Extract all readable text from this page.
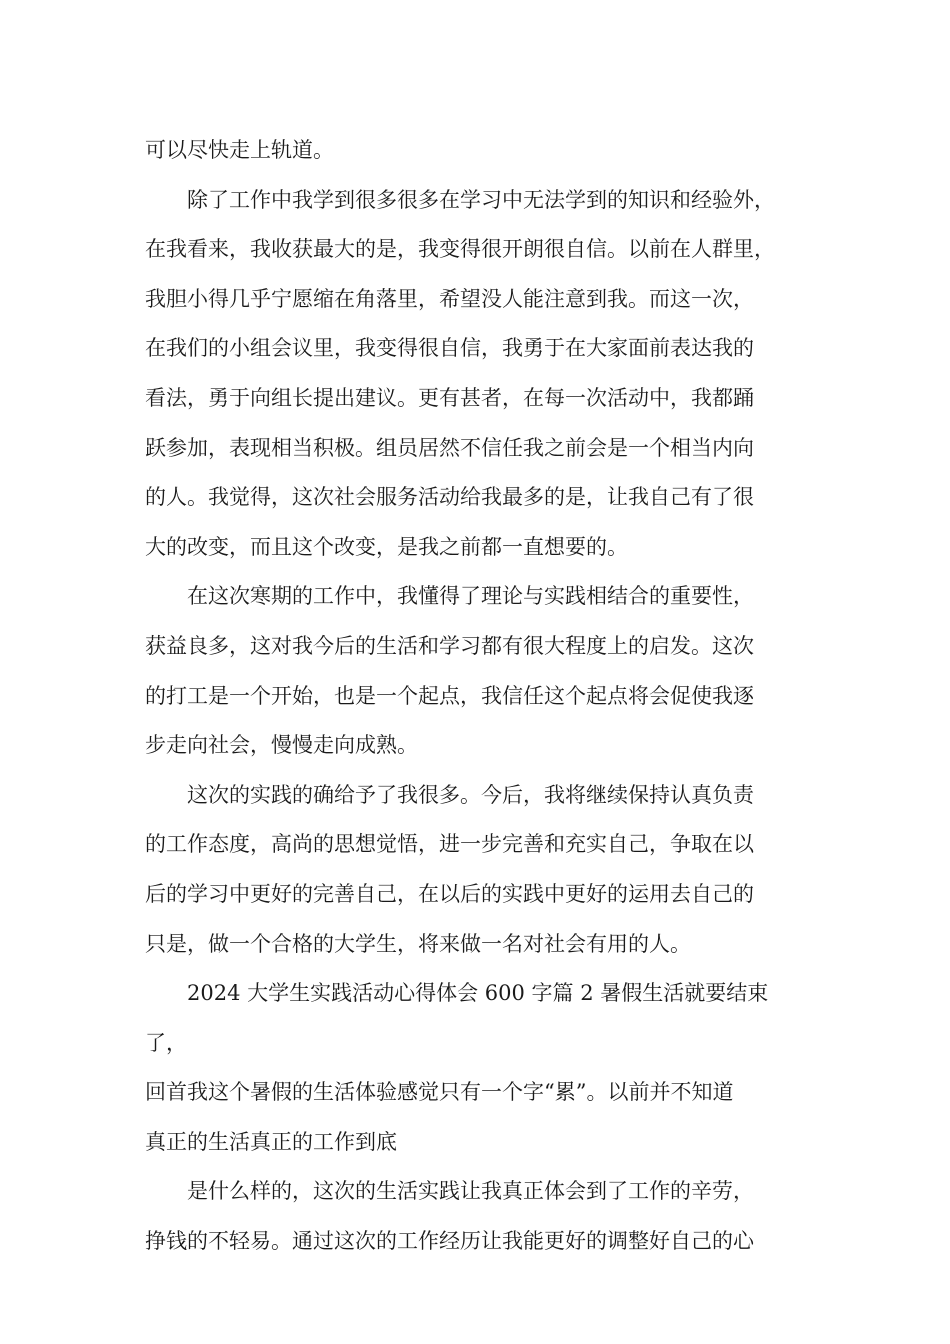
可以尽快走上轨道。

除了工作中我学到很多很多在学习中无法学到的知识和经验外，
在我看来，我收获最大的是，我变得很开朗很自信。以前在人群里，
我胆小得几乎宁愿缩在角落里，希望没人能注意到我。而这一次，
在我们的小组会议里，我变得很自信，我勇于在大家面前表达我的
看法，勇于向组长提出建议。更有甚者，在每一次活动中，我都踊
跃参加，表现相当积极。组员居然不信任我之前会是一个相当内向
的人。我觉得，这次社会服务活动给我最多的是，让我自己有了很
大的改变，而且这个改变，是我之前都一直想要的。

在这次寒期的工作中，我懂得了理论与实践相结合的重要性，
获益良多，这对我今后的生活和学习都有很大程度上的启发。这次
的打工是一个开始，也是一个起点，我信任这个起点将会促使我逐
步走向社会，慢慢走向成熟。

这次的实践的确给予了我很多。今后，我将继续保持认真负责
的工作态度，高尚的思想觉悟，进一步完善和充实自己，争取在以
后的学习中更好的完善自己，在以后的实践中更好的运用去自己的
只是，做一个合格的大学生，将来做一名对社会有用的人。

2024 大学生实践活动心得体会 600 字篇 2 暑假生活就要结束了，
回首我这个暑假的生活体验感觉只有一个字“累”。以前并不知道
真正的生活真正的工作到底

是什么样的，这次的生活实践让我真正体会到了工作的辛劳，
挣钱的不轻易。通过这次的工作经历让我能更好的调整好自己的心
